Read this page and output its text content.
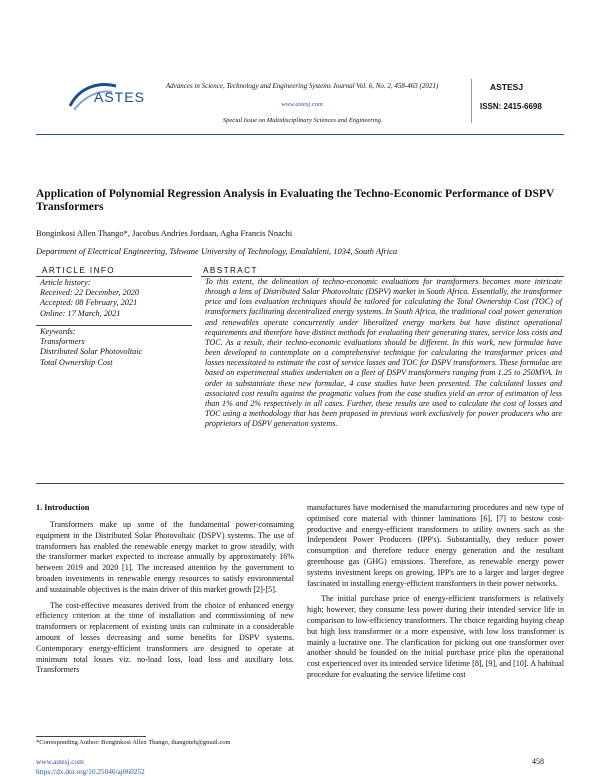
ASTES
Advances in Science, Technology and Engineering Systems Journal Vol. 6, No. 2, 458-463 (2021)
www.astesj.com
Special Issue on Multidisciplinary Sciences and Engineering
ASTESJ
ISSN: 2415-6698
Application of Polynomial Regression Analysis in Evaluating the Techno-Economic Performance of DSPV Transformers
Bonginkosi Allen Thango*, Jacobus Andries Jordaan, Agha Francis Nnachi
Department of Electrical Engineering, Tshwane University of Technology, Emalahleni, 1034, South Africa
ARTICLE INFO
Article history:
Received: 22 December, 2020
Accepted: 08 February, 2021
Online: 17 March, 2021
Keywords:
Transformers
Distributed Solar Photovoltaic
Total Ownership Cost
ABSTRACT
To this extent, the delineation of techno-economic evaluations for transformers becomes more intricate through a lens of Distributed Solar Photovoltaic (DSPV) market in South Africa. Essentially, the transformer price and loss evaluation techniques should be tailored for calculating the Total Ownership Cost (TOC) of transformers facilitating decentralized energy systems. In South Africa, the traditional coal power generation and renewables operate concurrently under liberalized energy markets but have distinct operational requirements and therefore have distinct methods for evaluating their generating states, service loss costs and TOC. As a result, their techno-economic evaluations should be different. In this work, new formulae have been developed to contemplate on a comprehensive technique for calculating the transformer prices and losses necessitated to estimate the cost of service losses and TOC for DSPV transformers. These formulae are based on experimental studies undertaken on a fleet of DSPV transformers ranging from 1.25 to 250MVA. In order to substantiate these new formulae, 4 case studies have been presented. The calculated losses and associated cost results against the pragmatic values from the case studies yield an error of estimation of less than 1% and 2% respectively in all cases. Further, these results are used to calculate the cost of losses and TOC using a methodology that has been proposed in previous work exclusively for power producers who are proprietors of DSPV generation systems.
1. Introduction

Transformers make up some of the fundamental power-consuming equipment in the Distributed Solar Photovoltaic (DSPV) systems. The use of transformers has enabled the renewable energy market to grow steadily, with the transformer market expected to increase annually by approximately 16% between 2019 and 2020 [1]. The increased attention by the government to broaden investments in renewable energy resources to satisfy environmental and sustainable objectives is the main driver of this market growth [2]-[5].

The cost-effective measures derived from the choice of enhanced energy efficiency criterion at the time of installation and commissioning of new transformers or replacement of existing units can culminate in a considerable amount of losses decreasing and some benefits for DSPV systems. Contemporary energy-efficient transformers are designed to operate at minimum total losses viz. no-load loss, load loss and auxiliary loss. Transformers

manufactures have modernised the manufacturing procedures and new type of optimised core material with thinner laminations [6], [7] to bestow cost-productive and energy-efficient transformers to utility owners such as the Independent Power Producers (IPP's). Substantially, they reduce power consumption and therefore reduce energy generation and the resultant greenhouse gas (GHG) emissions. Therefore, as renewable energy power systems investment keeps on growing, IPP's are to a larger and larger degree fascinated in installing energy-efficient transformers in their power networks.

The initial purchase price of energy-efficient transformers is relatively high; however, they consume less power during their intended service life in comparison to low-efficiency transformers. The choice regarding buying cheap but high loss transformer or a more expensive, with low loss transformer is mainly a lucrative one. The clarification for picking out one transformer over another should be founded on the initial purchase price plus the operational cost experienced over its intended service lifetime [8], [9], and [10]. A habitual procedure for evaluating the service lifetime cost

*Corresponding Author: Bonginkosi Allen Thango, thangoteh@gmail.com
www.astesj.com
https://dx.doi.org/10.25046/aj060252
458
